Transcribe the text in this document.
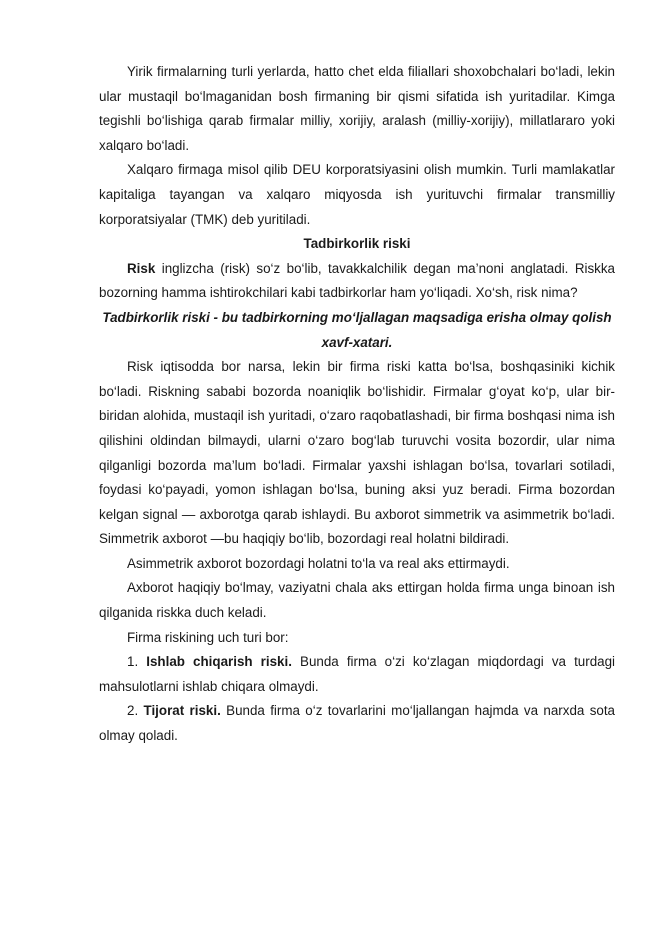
Yirik firmalarning turli yerlarda, hatto chet elda filiallari shoxobchalari bo‘ladi, lekin ular mustaqil bo‘lmaganidan bosh firmaning bir qismi sifatida ish yuritadilar. Kimga tegishli bo‘lishiga qarab firmalar milliy, xorijiy, aralash (milliy-xorijiy), millatlararo yoki xalqaro bo‘ladi.

Xalqaro firmaga misol qilib DEU korporatsiyasini olish mumkin. Turli mamlakatlar kapitaliga tayangan va xalqaro miqyosda ish yurituvchi firmalar transmilliy korporatsiyalar (TMK) deb yuritiladi.

Tadbirkorlik riski

Risk inglizcha (risk) so‘z bo‘lib, tavakkalchilik degan ma’noni anglatadi. Riskka bozorning hamma ishtirokchilari kabi tadbirkorlar ham yo‘liqadi. Xo‘sh, risk nima?

Tadbirkorlik riski - bu tadbirkorning mo‘ljallagan maqsadiga erisha olmay qolish xavf-xatari.

Risk iqtisodda bor narsa, lekin bir firma riski katta bo‘lsa, boshqasiniki kichik bo‘ladi. Riskning sababi bozorda noaniqlik bo‘lishidir. Firmalar g‘oyat ko‘p, ular bir-biridan alohida, mustaqil ish yuritadi, o‘zaro raqobatlashadi, bir firma boshqasi nima ish qilishini oldindan bilmaydi, ularni o‘zaro bog‘lab turuvchi vosita bozordir, ular nima qilganligi bozorda ma’lum bo‘ladi. Firmalar yaxshi ishlagan bo‘lsa, tovarlari sotiladi, foydasi ko‘payadi, yomon ishlagan bo‘lsa, buning aksi yuz beradi. Firma bozordan kelgan signal — axborotga qarab ishlaydi. Bu axborot simmetrik va asimmetrik bo‘ladi. Simmetrik axborot —bu haqiqiy bo‘lib, bozordagi real holatni bildiradi.

Asimmetrik axborot bozordagi holatni to‘la va real aks ettirmaydi.

Axborot haqiqiy bo‘lmay, vaziyatni chala aks ettirgan holda firma unga binoan ish qilganida riskka duch keladi.

Firma riskining uch turi bor:

1. Ishlab chiqarish riski. Bunda firma o‘zi ko‘zlagan miqdordagi va turdagi mahsulotlarni ishlab chiqara olmaydi.

2. Tijorat riski. Bunda firma o‘z tovarlarini mo‘ljallangan hajmda va narxda sota olmay qoladi.
